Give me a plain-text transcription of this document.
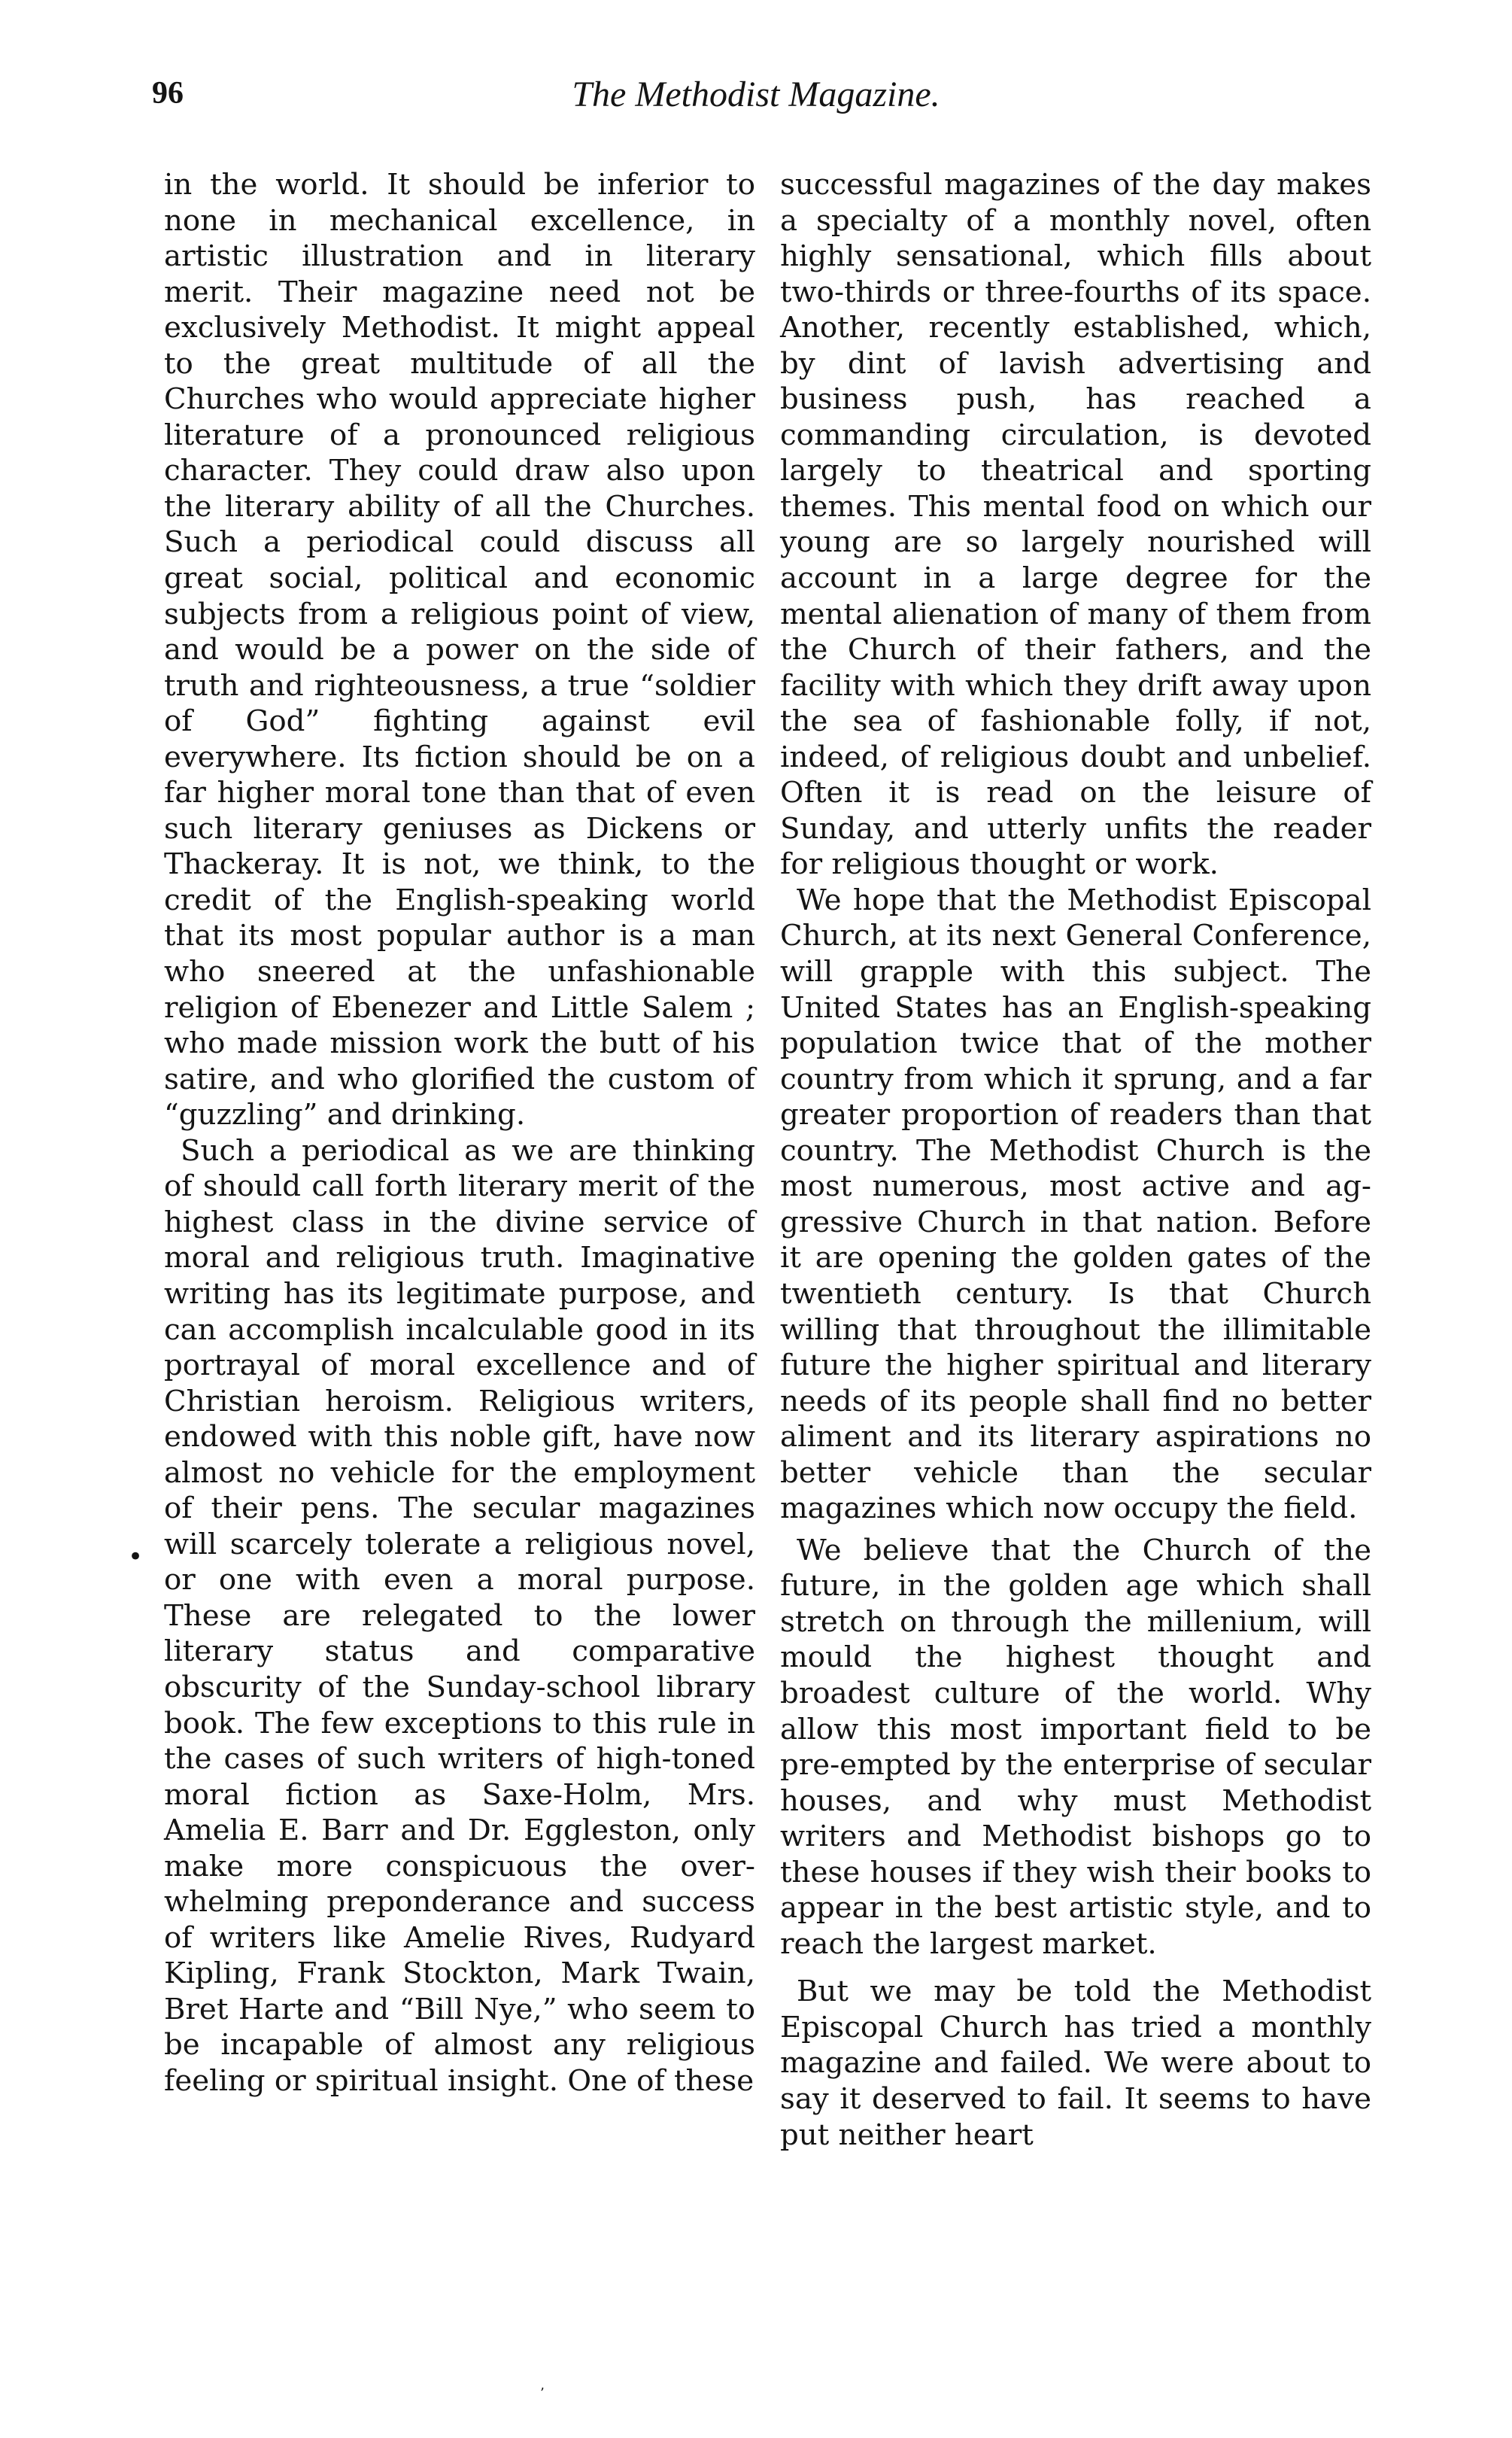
96	The Methodist Magazine.

in the world. It should be inferior to none in mechanical excellence, in artistic illustration and in literary merit. Their magazine need not be exclusively Methodist. It might appeal to the great multitude of all the Churches who would appreciate higher literature of a pronounced religious character. They could draw also upon the literary ability of all the Churches. Such a periodical could discuss all great social, political and economic subjects from a religious point of view, and would be a power on the side of truth and righteousness, a true “soldier of God” fighting against evil everywhere. Its fiction should be on a far higher moral tone than that of even such literary geniuses as Dickens or Thackeray. It is not, we think, to the credit of the English-speaking world that its most popular author is a man who sneered at the unfashionable religion of Ebenezer and Little Salem ; who made mission work the butt of his satire, and who glorified the custom of “guzzling” and drinking.

Such a periodical as we are thinking of should call forth literary merit of the highest class in the divine service of moral and religious truth. Imaginative writing has its legitimate purpose, and can accomplish incalculable good in its portrayal of moral excellence and of Christian heroism. Religious writers, endowed with this noble gift, have now almost no vehicle for the employment of their pens. The secular magazines will scarcely tolerate a religious novel, or one with even a moral purpose. These are relegated to the lower literary status and comparative obscurity of the Sunday-school library book. The few exceptions to this rule in the cases of such writers of high-toned moral fiction as Saxe-Holm, Mrs. Amelia E. Barr and Dr. Eggleston, only make more conspicuous the overwhelming preponderance and success of writers like Amelie Rives, Rudyard Kipling, Frank Stockton, Mark Twain, Bret Harte and “Bill Nye,” who seem to be incapable of almost any religious feeling or spiritual insight. One of these

successful magazines of the day makes a specialty of a monthly novel, often highly sensational, which fills about two-thirds or three-fourths of its space. Another, recently established, which, by dint of lavish advertising and business push, has reached a commanding circulation, is devoted largely to theatrical and sporting themes. This mental food on which our young are so largely nourished will account in a large degree for the mental alienation of many of them from the Church of their fathers, and the facility with which they drift away upon the sea of fashionable folly, if not, indeed, of religious doubt and unbelief. Often it is read on the leisure of Sunday, and utterly unfits the reader for religious thought or work.

We hope that the Methodist Episcopal Church, at its next General Conference, will grapple with this subject. The United States has an English-speaking population twice that of the mother country from which it sprung, and a far greater proportion of readers than that country. The Methodist Church is the most numerous, most active and aggressive Church in that nation. Before it are opening the golden gates of the twentieth century. Is that Church willing that throughout the illimitable future the higher spiritual and literary needs of its people shall find no better aliment and its literary aspirations no better vehicle than the secular magazines which now occupy the field.

We believe that the Church of the future, in the golden age which shall stretch on through the millenium, will mould the highest thought and broadest culture of the world. Why allow this most important field to be pre-empted by the enterprise of secular houses, and why must Methodist writers and Methodist bishops go to these houses if they wish their books to appear in the best artistic style, and to reach the largest market.

But we may be told the Methodist Episcopal Church has tried a monthly magazine and failed. We were about to say it deserved to fail. It seems to have put neither heart

•
’
